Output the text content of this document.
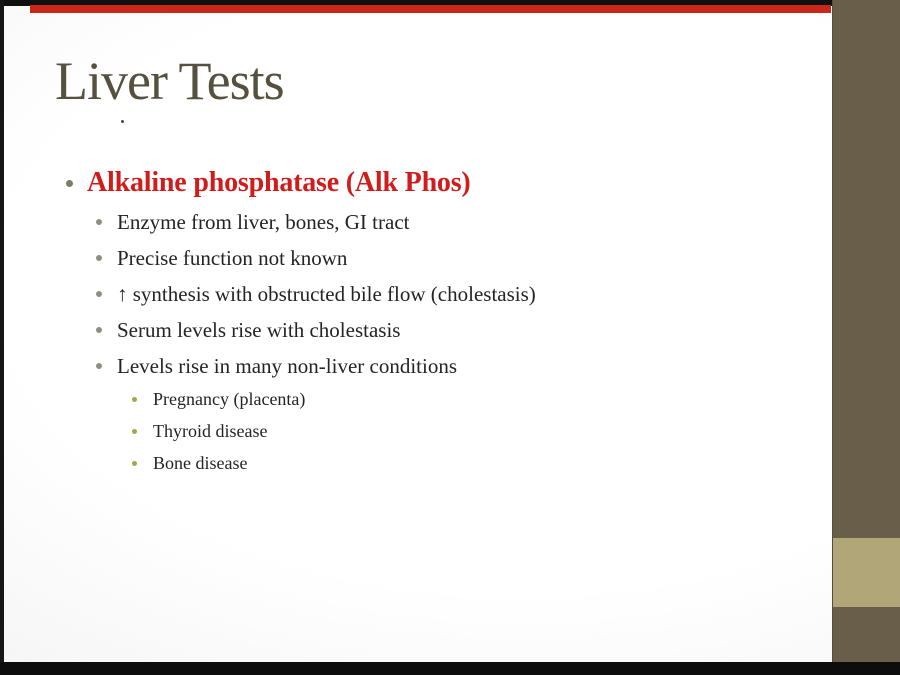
Liver Tests
Alkaline phosphatase (Alk Phos)
Enzyme from liver, bones, GI tract
Precise function not known
↑ synthesis with obstructed bile flow (cholestasis)
Serum levels rise with cholestasis
Levels rise in many non-liver conditions
Pregnancy (placenta)
Thyroid disease
Bone disease
